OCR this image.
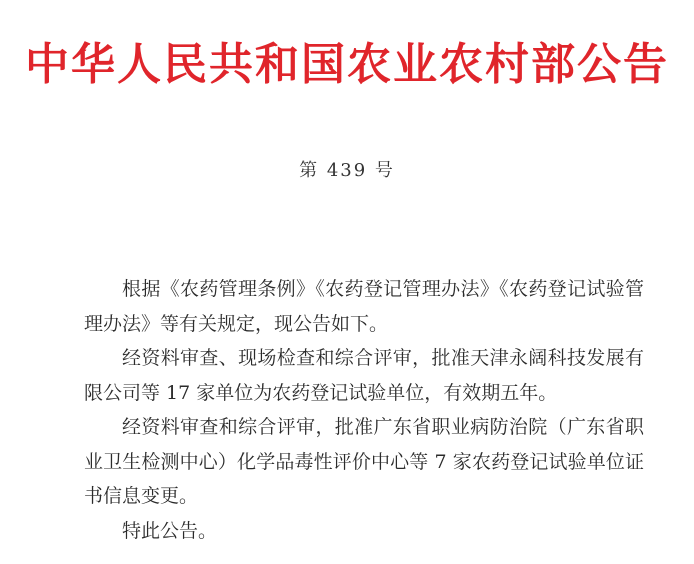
中华人民共和国农业农村部公告
第 439 号

根据《农药管理条例》《农药登记管理办法》《农药登记试验管理办法》等有关规定，现公告如下。

经资料审查、现场检查和综合评审，批准天津永阔科技发展有限公司等 17 家单位为农药登记试验单位，有效期五年。

经资料审查和综合评审，批准广东省职业病防治院（广东省职业卫生检测中心）化学品毒性评价中心等 7 家农药登记试验单位证书信息变更。

特此公告。
